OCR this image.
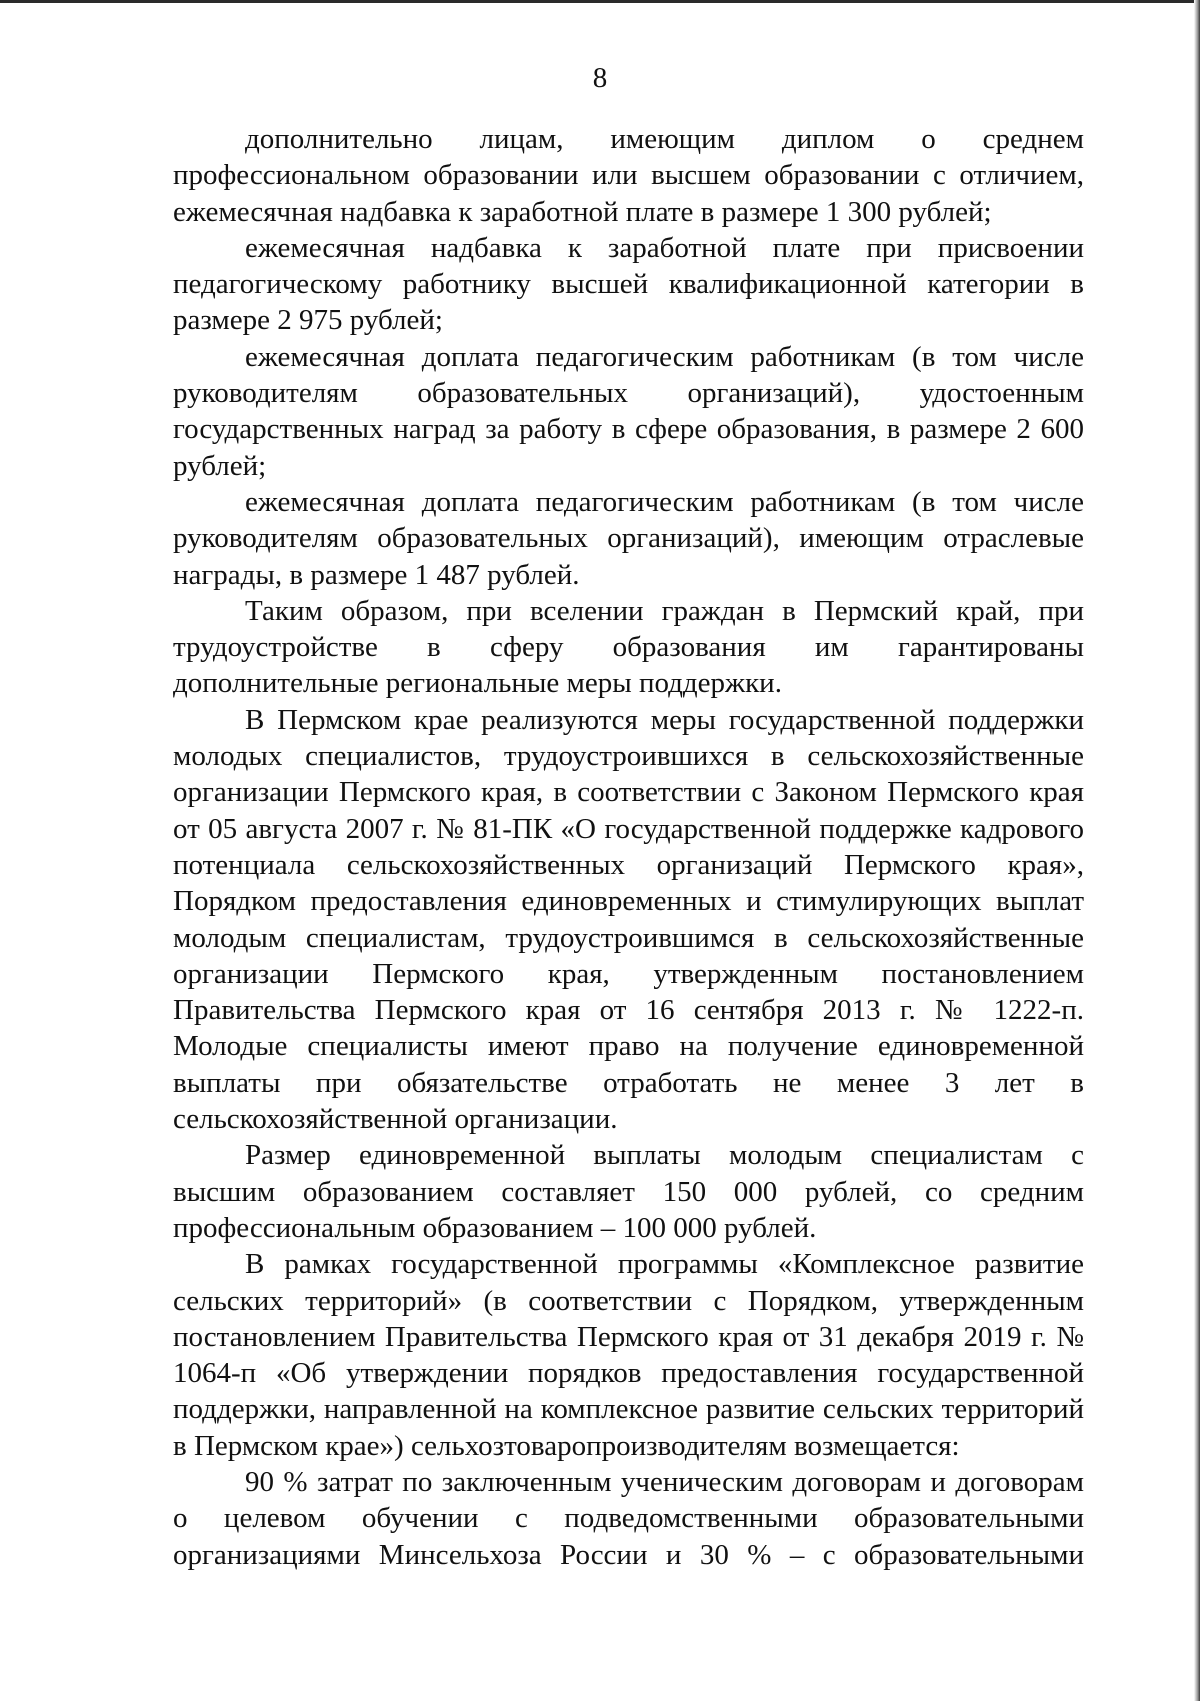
8

дополнительно лицам, имеющим диплом о среднем профессиональном образовании или высшем образовании с отличием, ежемесячная надбавка к заработной плате в размере 1 300 рублей;

ежемесячная надбавка к заработной плате при присвоении педагогическому работнику высшей квалификационной категории в размере 2 975 рублей;

ежемесячная доплата педагогическим работникам (в том числе руководителям образовательных организаций), удостоенным государственных наград за работу в сфере образования, в размере 2 600 рублей;

ежемесячная доплата педагогическим работникам (в том числе руководителям образовательных организаций), имеющим отраслевые награды, в размере 1 487 рублей.

Таким образом, при вселении граждан в Пермский край, при трудоустройстве в сферу образования им гарантированы дополнительные региональные меры поддержки.

В Пермском крае реализуются меры государственной поддержки молодых специалистов, трудоустроившихся в сельскохозяйственные организации Пермского края, в соответствии с Законом Пермского края от 05 августа 2007 г. № 81-ПК «О государственной поддержке кадрового потенциала сельскохозяйственных организаций Пермского края», Порядком предоставления единовременных и стимулирующих выплат молодым специалистам, трудоустроившимся в сельскохозяйственные организации Пермского края, утвержденным постановлением Правительства Пермского края от 16 сентября 2013 г. № 1222-п. Молодые специалисты имеют право на получение единовременной выплаты при обязательстве отработать не менее 3 лет в сельскохозяйственной организации.

Размер единовременной выплаты молодым специалистам с высшим образованием составляет 150 000 рублей, со средним профессиональным образованием – 100 000 рублей.

В рамках государственной программы «Комплексное развитие сельских территорий» (в соответствии с Порядком, утвержденным постановлением Правительства Пермского края от 31 декабря 2019 г. № 1064-п «Об утверждении порядков предоставления государственной поддержки, направленной на комплексное развитие сельских территорий в Пермском крае») сельхозтоваропроизводителям возмещается:

90 % затрат по заключенным ученическим договорам и договорам о целевом обучении с подведомственными образовательными организациями Минсельхоза России и 30 % – с образовательными
